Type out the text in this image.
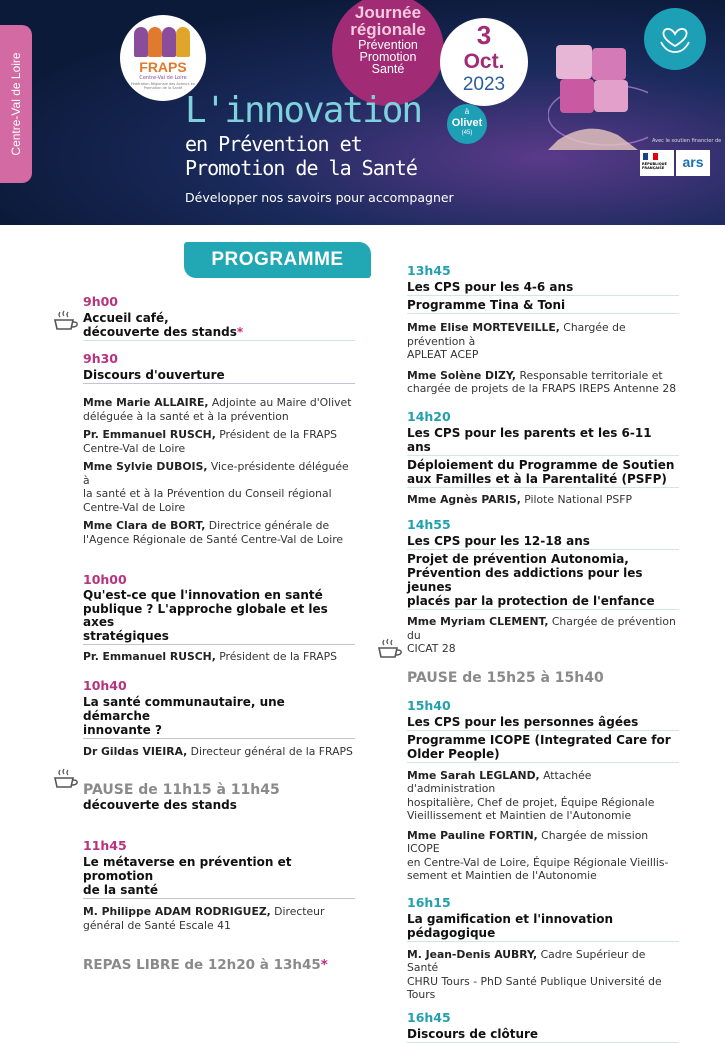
Centre-Val de Loire	FRAPS
Centre-Val de Loire
Fédération Régionale des Acteurs en Promotion de la Santé
Journée régionale
Prévention
Promotion
Santé
3
Oct.
2023
à
Olivet
(45)
L'innovation
en Prévention et
Promotion de la Santé
Développer nos savoirs pour accompagner
Avec le soutien financier de
RÉPUBLIQUE FRANÇAISE	ars
PROGRAMME
9h00
Accueil café,
découverte des stands*
9h30
Discours d'ouverture
Mme Marie ALLAIRE, Adjointe au Maire d'Olivet
déléguée à la santé et à la prévention
Pr. Emmanuel RUSCH, Président de la FRAPS
Centre-Val de Loire
Mme Sylvie DUBOIS, Vice-présidente déléguée à
la santé et à la Prévention du Conseil régional
Centre-Val de Loire
Mme Clara de BORT, Directrice générale de
l'Agence Régionale de Santé Centre-Val de Loire
10h00
Qu'est-ce que l'innovation en santé
publique ? L'approche globale et les axes
stratégiques
Pr. Emmanuel RUSCH, Président de la FRAPS
10h40
La santé communautaire, une démarche
innovante ?
Dr Gildas VIEIRA, Directeur général de la FRAPS
PAUSE de 11h15 à 11h45
découverte des stands
11h45
Le métaverse en prévention et promotion
de la santé
M. Philippe ADAM RODRIGUEZ, Directeur
général de Santé Escale 41
REPAS LIBRE de 12h20 à 13h45*
13h45
Les CPS pour les 4-6 ans
Programme Tina & Toni
Mme Elise MORTEVEILLE, Chargée de prévention à
APLEAT ACEP
Mme Solène DIZY, Responsable territoriale et
chargée de projets de la FRAPS IREPS Antenne 28
14h20
Les CPS pour les parents et les 6-11 ans
Déploiement du Programme de Soutien
aux Familles et à la Parentalité (PSFP)
Mme Agnès PARIS, Pilote National PSFP
14h55
Les CPS pour les 12-18 ans
Projet de prévention Autonomia,
Prévention des addictions pour les jeunes
placés par la protection de l'enfance
Mme Myriam CLEMENT, Chargée de prévention du
CICAT 28
PAUSE de 15h25 à 15h40
15h40
Les CPS pour les personnes âgées
Programme ICOPE (Integrated Care for
Older People)
Mme Sarah LEGLAND, Attachée d'administration
hospitalière, Chef de projet, Équipe Régionale
Vieillissement et Maintien de l'Autonomie
Mme Pauline FORTIN, Chargée de mission ICOPE
en Centre-Val de Loire, Équipe Régionale Vieillis-
sement et Maintien de l'Autonomie
16h15
La gamification et l'innovation
pédagogique
M. Jean-Denis AUBRY, Cadre Supérieur de Santé
CHRU Tours - PhD Santé Publique Université de Tours
16h45
Discours de clôture
